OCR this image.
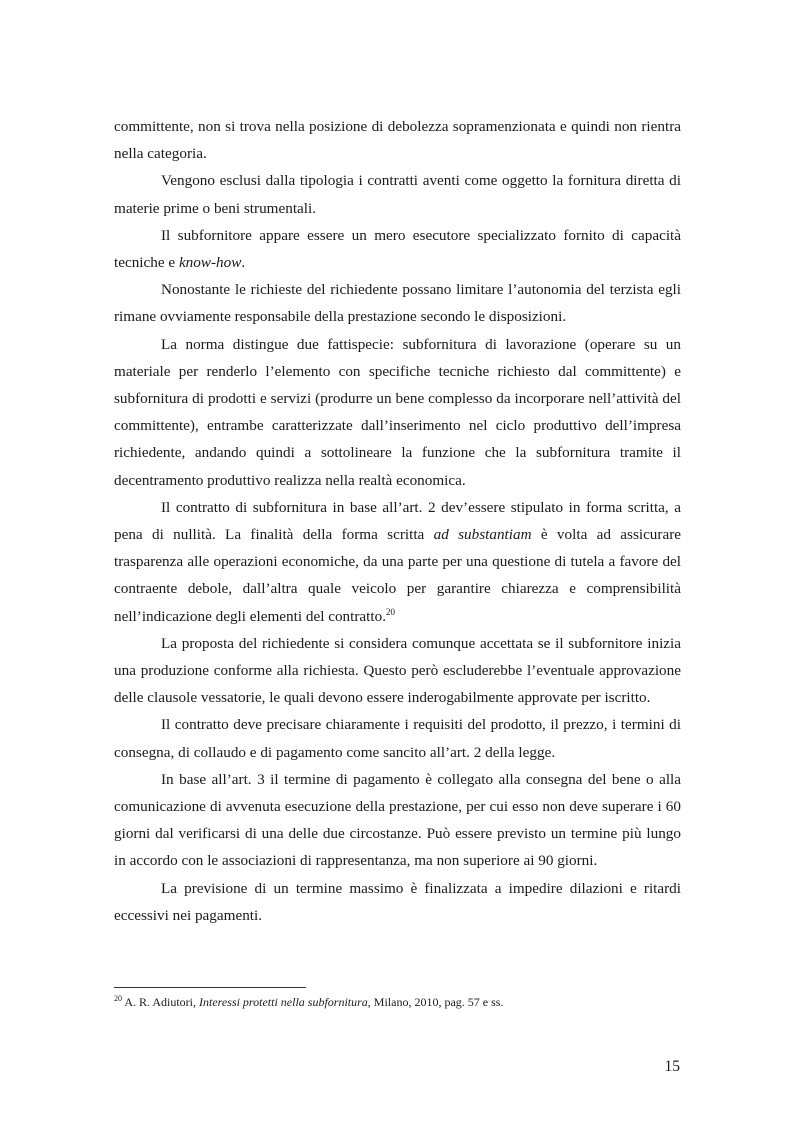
committente, non si trova nella posizione di debolezza sopramenzionata e quindi non rientra nella categoria.

Vengono esclusi dalla tipologia i contratti aventi come oggetto la fornitura diretta di materie prime o beni strumentali.

Il subfornitore appare essere un mero esecutore specializzato fornito di capacità tecniche e know-how.

Nonostante le richieste del richiedente possano limitare l’autonomia del terzista egli rimane ovviamente responsabile della prestazione secondo le disposizioni.

La norma distingue due fattispecie: subfornitura di lavorazione (operare su un materiale per renderlo l’elemento con specifiche tecniche richiesto dal committente) e subfornitura di prodotti e servizi (produrre un bene complesso da incorporare nell’attività del committente), entrambe caratterizzate dall’inserimento nel ciclo produttivo dell’impresa richiedente, andando quindi a sottolineare la funzione che la subfornitura tramite il decentramento produttivo realizza nella realtà economica.

Il contratto di subfornitura in base all’art. 2 dev’essere stipulato in forma scritta, a pena di nullità. La finalità della forma scritta ad substantiam è volta ad assicurare trasparenza alle operazioni economiche, da una parte per una questione di tutela a favore del contraente debole, dall’altra quale veicolo per garantire chiarezza e comprensibilità nell’indicazione degli elementi del contratto.$^{20}$

La proposta del richiedente si considera comunque accettata se il subfornitore inizia una produzione conforme alla richiesta. Questo però escluderebbe l’eventuale approvazione delle clausole vessatorie, le quali devono essere inderogabilmente approvate per iscritto.

Il contratto deve precisare chiaramente i requisiti del prodotto, il prezzo, i termini di consegna, di collaudo e di pagamento come sancito all’art. 2 della legge.

In base all’art. 3 il termine di pagamento è collegato alla consegna del bene o alla comunicazione di avvenuta esecuzione della prestazione, per cui esso non deve superare i 60 giorni dal verificarsi di una delle due circostanze. Può essere previsto un termine più lungo in accordo con le associazioni di rappresentanza, ma non superiore ai 90 giorni.

La previsione di un termine massimo è finalizzata a impedire dilazioni e ritardi eccessivi nei pagamenti.

$^{20}$ A. R. Adiutori, Interessi protetti nella subfornitura, Milano, 2010, pag. 57 e ss.
15
